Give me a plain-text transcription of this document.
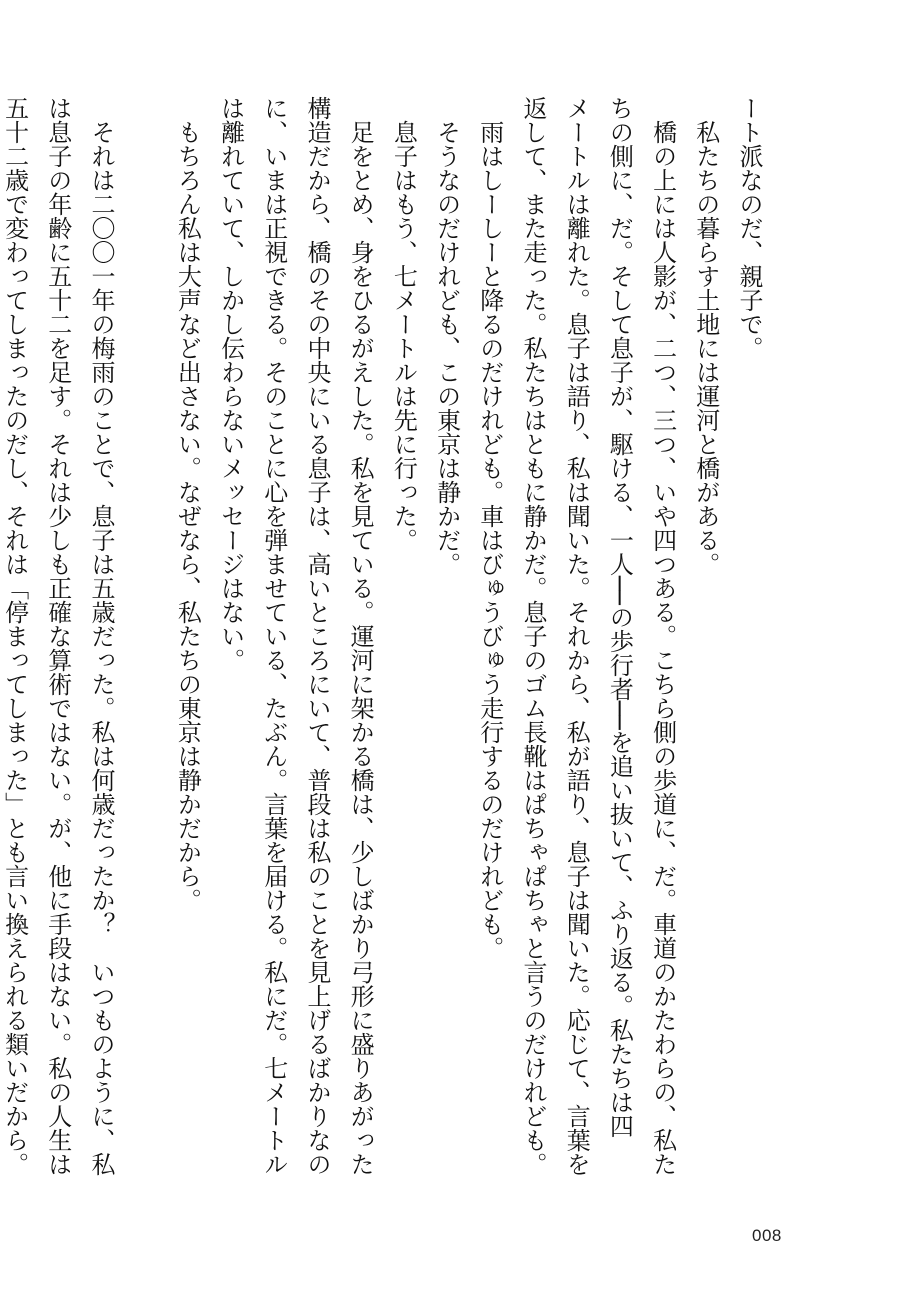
ート派なのだ、親子で。
私たちの暮らす土地には運河と橋がある。
橋の上には人影が、二つ、三つ、いや四つある。こちら側の歩道に、だ。車道のかたわらの、私た
ちの側に、だ。そして息子が、駆ける、一人──の歩行者──を追い抜いて、ふり返る。私たちは四
メートルは離れた。息子は語り、私は聞いた。それから、私が語り、息子は聞いた。応じて、言葉を
返して、また走った。私たちはともに静かだ。息子のゴム長靴はぱちゃぱちゃと言うのだけれども。
雨はしーしーと降るのだけれども。車はびゅうびゅう走行するのだけれども。
そうなのだけれども、この東京は静かだ。
息子はもう、七メートルは先に行った。
足をとめ、身をひるがえした。私を見ている。運河に架かる橋は、少しばかり弓形に盛りあがった
構造だから、橋のその中央にいる息子は、高いところにいて、普段は私のことを見上げるばかりなの
に、いまは正視できる。そのことに心を弾ませている、たぶん。言葉を届ける。私にだ。七メートル
は離れていて、しかし伝わらないメッセージはない。
もちろん私は大声など出さない。なぜなら、私たちの東京は静かだから。
それは二〇〇一年の梅雨のことで、息子は五歳だった。私は何歳だったか？　いつものように、私
は息子の年齢に五十二を足す。それは少しも正確な算術ではない。が、他に手段はない。私の人生は
五十二歳で変わってしまったのだし、それは「停まってしまった」とも言い換えられる類いだから。
008
